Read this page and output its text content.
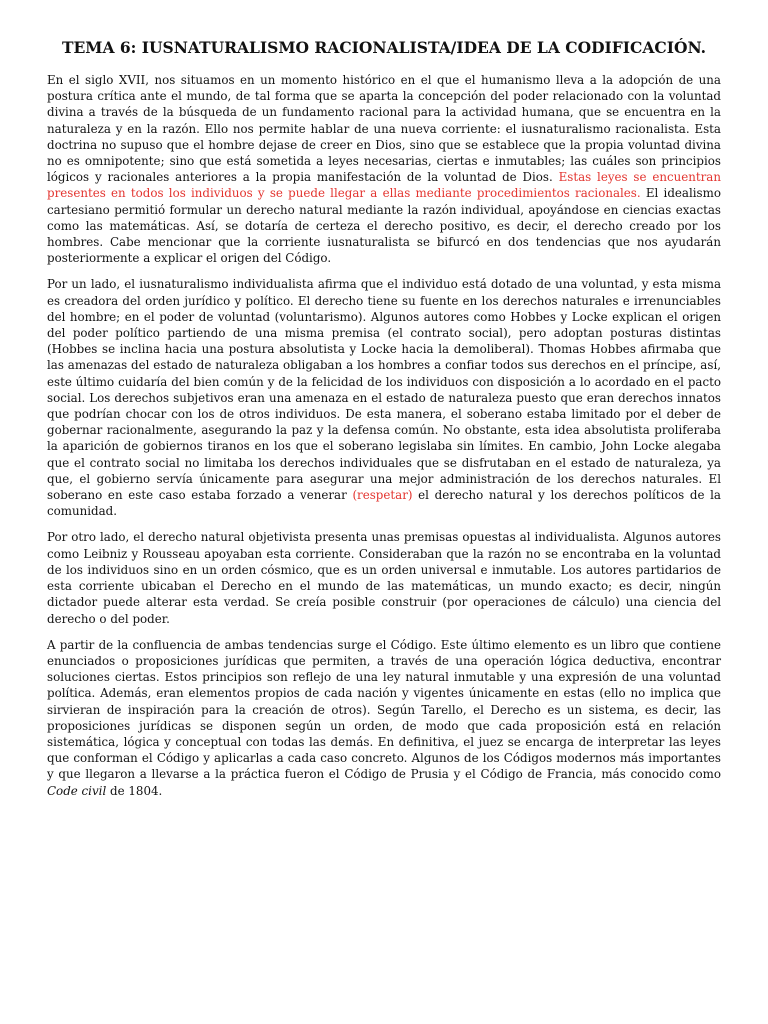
TEMA 6: IUSNATURALISMO RACIONALISTA/IDEA DE LA CODIFICACIÓN.

En el siglo XVII, nos situamos en un momento histórico en el que el humanismo lleva a la adopción de una postura crítica ante el mundo, de tal forma que se aparta la concepción del poder relacionado con la voluntad divina a través de la búsqueda de un fundamento racional para la actividad humana, que se encuentra en la naturaleza y en la razón. Ello nos permite hablar de una nueva corriente: el iusnaturalismo racionalista. Esta doctrina no supuso que el hombre dejase de creer en Dios, sino que se establece que la propia voluntad divina no es omnipotente; sino que está sometida a leyes necesarias, ciertas e inmutables; las cuáles son principios lógicos y racionales anteriores a la propia manifestación de la voluntad de Dios. Estas leyes se encuentran presentes en todos los individuos y se puede llegar a ellas mediante procedimientos racionales. El idealismo cartesiano permitió formular un derecho natural mediante la razón individual, apoyándose en ciencias exactas como las matemáticas. Así, se dotaría de certeza el derecho positivo, es decir, el derecho creado por los hombres. Cabe mencionar que la corriente iusnaturalista se bifurcó en dos tendencias que nos ayudarán posteriormente a explicar el origen del Código.

Por un lado, el iusnaturalismo individualista afirma que el individuo está dotado de una voluntad, y esta misma es creadora del orden jurídico y político. El derecho tiene su fuente en los derechos naturales e irrenunciables del hombre; en el poder de voluntad (voluntarismo). Algunos autores como Hobbes y Locke explican el origen del poder político partiendo de una misma premisa (el contrato social), pero adoptan posturas distintas (Hobbes se inclina hacia una postura absolutista y Locke hacia la demoliberal). Thomas Hobbes afirmaba que las amenazas del estado de naturaleza obligaban a los hombres a confiar todos sus derechos en el príncipe, así, este último cuidaría del bien común y de la felicidad de los individuos con disposición a lo acordado en el pacto social. Los derechos subjetivos eran una amenaza en el estado de naturaleza puesto que eran derechos innatos que podrían chocar con los de otros individuos. De esta manera, el soberano estaba limitado por el deber de gobernar racionalmente, asegurando la paz y la defensa común. No obstante, esta idea absolutista proliferaba la aparición de gobiernos tiranos en los que el soberano legislaba sin límites. En cambio, John Locke alegaba que el contrato social no limitaba los derechos individuales que se disfrutaban en el estado de naturaleza, ya que, el gobierno servía únicamente para asegurar una mejor administración de los derechos naturales. El soberano en este caso estaba forzado a venerar (respetar) el derecho natural y los derechos políticos de la comunidad.

Por otro lado, el derecho natural objetivista presenta unas premisas opuestas al individualista. Algunos autores como Leibniz y Rousseau apoyaban esta corriente. Consideraban que la razón no se encontraba en la voluntad de los individuos sino en un orden cósmico, que es un orden universal e inmutable. Los autores partidarios de esta corriente ubicaban el Derecho en el mundo de las matemáticas, un mundo exacto; es decir, ningún dictador puede alterar esta verdad. Se creía posible construir (por operaciones de cálculo) una ciencia del derecho o del poder.

A partir de la confluencia de ambas tendencias surge el Código. Este último elemento es un libro que contiene enunciados o proposiciones jurídicas que permiten, a través de una operación lógica deductiva, encontrar soluciones ciertas. Estos principios son reflejo de una ley natural inmutable y una expresión de una voluntad política. Además, eran elementos propios de cada nación y vigentes únicamente en estas (ello no implica que sirvieran de inspiración para la creación de otros). Según Tarello, el Derecho es un sistema, es decir, las proposiciones jurídicas se disponen según un orden, de modo que cada proposición está en relación sistemática, lógica y conceptual con todas las demás. En definitiva, el juez se encarga de interpretar las leyes que conforman el Código y aplicarlas a cada caso concreto. Algunos de los Códigos modernos más importantes y que llegaron a llevarse a la práctica fueron el Código de Prusia y el Código de Francia, más conocido como Code civil de 1804.
